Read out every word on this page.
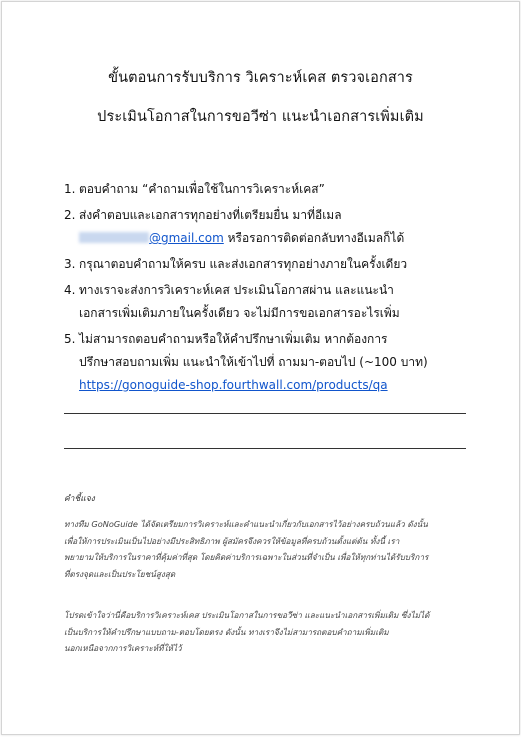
ขั้นตอนการรับบริการ วิเคราะห์เคส ตรวจเอกสาร
ประเมินโอกาสในการขอวีซ่า แนะนำเอกสารเพิ่มเติม
1. ตอบคำถาม “คำถามเพื่อใช้ในการวิเคราะห์เคส”
2. ส่งคำตอบและเอกสารทุกอย่างที่เตรียมยื่น มาที่อีเมล
@gmail.com หรือรอการติดต่อกลับทางอีเมลก็ได้
3. กรุณาตอบคำถามให้ครบ และส่งเอกสารทุกอย่างภายในครั้งเดียว
4. ทางเราจะส่งการวิเคราะห์เคส ประเมินโอกาสผ่าน และแนะนำ
เอกสารเพิ่มเติมภายในครั้งเดียว จะไม่มีการขอเอกสารอะไรเพิ่ม
5. ไม่สามารถตอบคำถามหรือให้คำปรึกษาเพิ่มเติม หากต้องการ
ปรึกษาสอบถามเพิ่ม แนะนำให้เข้าไปที่ ถามมา-ตอบไป (~100 บาท)
https://gonoguide-shop.fourthwall.com/products/qa
คำชี้แจง
ทางทีม GoNoGuide ได้จัดเตรียมการวิเคราะห์และคำแนะนำเกี่ยวกับเอกสารไว้อย่างครบถ้วนแล้ว ดังนั้น
เพื่อให้การประเมินเป็นไปอย่างมีประสิทธิภาพ ผู้สมัครจึงควรให้ข้อมูลที่ครบถ้วนตั้งแต่ต้น ทั้งนี้ เรา
พยายามให้บริการในราคาที่คุ้มค่าที่สุด โดยคิดค่าบริการเฉพาะในส่วนที่จำเป็น เพื่อให้ทุกท่านได้รับบริการ
ที่ตรงจุดและเป็นประโยชน์สูงสุด
โปรดเข้าใจว่านี่คือบริการวิเคราะห์เคส ประเมินโอกาสในการขอวีซ่า และแนะนำเอกสารเพิ่มเติม ซึ่งไม่ได้
เป็นบริการให้คำปรึกษาแบบถาม-ตอบโดยตรง ดังนั้น ทางเราจึงไม่สามารถตอบคำถามเพิ่มเติม
นอกเหนือจากการวิเคราะห์ที่ให้ไว้
